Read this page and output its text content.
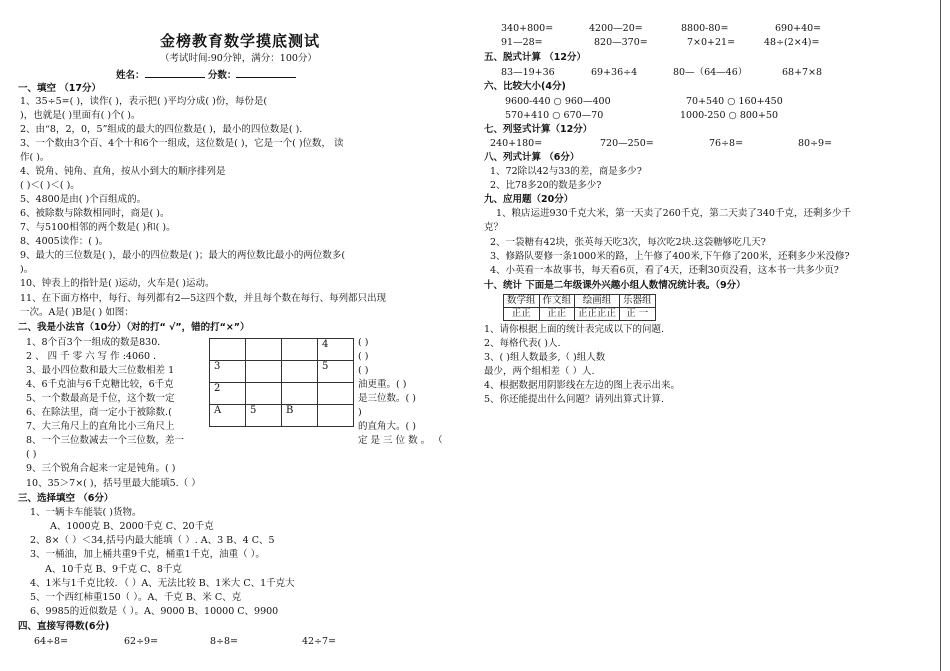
金榜教育数学摸底测试
（考试时间:90分钟，满分：100分）
姓名：	分数：
一、填空 （17分）
1、35÷5=( )，读作( )，表示把( )平均分成( )份，每份是(
)，也就是( )里面有( )个( )。
2、由“8，2，0，5”组成的最大的四位数是( )，最小的四位数是( ).
3、一个数由3个百、4个十和6个一组成，这位数是( )，它是一个( )位数， 读
作( )。
4、锐角、钝角、直角，按从小到大的顺序排列是
( )＜( )＜( )。
5、4800是由( )个百组成的。
6、被除数与除数相同时，商是( )。
7、与5100相邻的两个数是( )和( )。
8、4005读作：( )。
9、最大的三位数是( )，最小的四位数是( )；最大的两位数比最小的两位数多(
)。
10、钟表上的指针是( )运动，火车是( )运动。
11、在下面方格中，每行、每列都有2—5这四个数，并且每个数在每行、每列都只出现
一次。A是( )B是( ) 如图：
二、我是小法官（10分）（对的打“ √”，错的打“×”）
1、8个百3个一组成的数是830．
2 、 四 千 零 六 写 作 :4060 ．
3、最小四位数和最大三位数相差 1
4、6千克油与6千克糖比较，6千克
5、一个数最高是千位，这个数一定
6、在除法里，商一定小于被除数.(
7、大三角尺上的直角比小三角尺上
8、一个三位数减去一个三位数，差一
( )
9、三个锐角合起来一定是钝角。( )
10、35＞7×( )，括号里最大能填5.（ ）
			4
3			5
2			
A	5	B	
( )
( )
( )
油更重。( )
是三位数。( )
)
的直角大。( )
定 是 三 位 数 。 （
三、选择填空 （6分）
1、一辆卡车能装( )货物。
A、1000克 B、2000千克 C、20千克
2、8×（ ）＜34,括号内最大能填（ ）. A、3 B、4 C、5
3、一桶油，加上桶共重9千克，桶重1千克，油重（ ）。
A、10千克 B、9千克 C、8千克
4、1米与1千克比较．（ ）A、无法比较 B、1米大 C、1千克大
5、一个西红柿重150（ ）。A、千克 B、米 C、克
6、9985的近似数是（ ）。A、9000 B、10000 C、9900
四、直接写得数(6分)
64÷8=	62÷9=	8÷8=	42÷7=
340+800=	4200—20=	8800-80=	690+40=
91—28=	820—370=	7×0+21=	48÷(2×4)=
五、脱式计算 （12分）
83—19+36	69+36÷4	80—（64—46）	68+7×8
六、比较大小(4分)
9600-440 ○ 960—400	70+540 ○ 160+450
570+410 ○ 670—70	1000-250 ○ 800+50
七、列竖式计算（12分）
240+180=	720—250=	76÷8=	80÷9=
八、列式计算 （6分）
1、72除以42与33的差，商是多少?
2、比78多20的数是多少?
九、应用题（20分）
1、粮店运进930千克大米，第一天卖了260千克，第二天卖了340千克，还剩多少千
克？
2、一袋糖有42块，张英每天吃3次，每次吃2块.这袋糖够吃几天?
3、修路队要修一条1000米的路，上午修了400米,下午修了200米，还剩多少米没修?
4、小英看一本故事书，每天看6页，看了4天，还剩30页没看，这本书一共多少页?
十、统计 下面是二年级课外兴趣小组人数情况统计表。（9分）
数学组	作文组	绘画组	乐器组
正正	正正	正正正正	正 一
1、请你根据上面的统计表完成以下的问题.
2、每格代表( )人.
3、( )组人数最多,（ )组人数
最少，两个组相差（ ）人.
4、根据数据用阴影线在左边的图上表示出来。
5、你还能提出什么问题？请列出算式计算.
